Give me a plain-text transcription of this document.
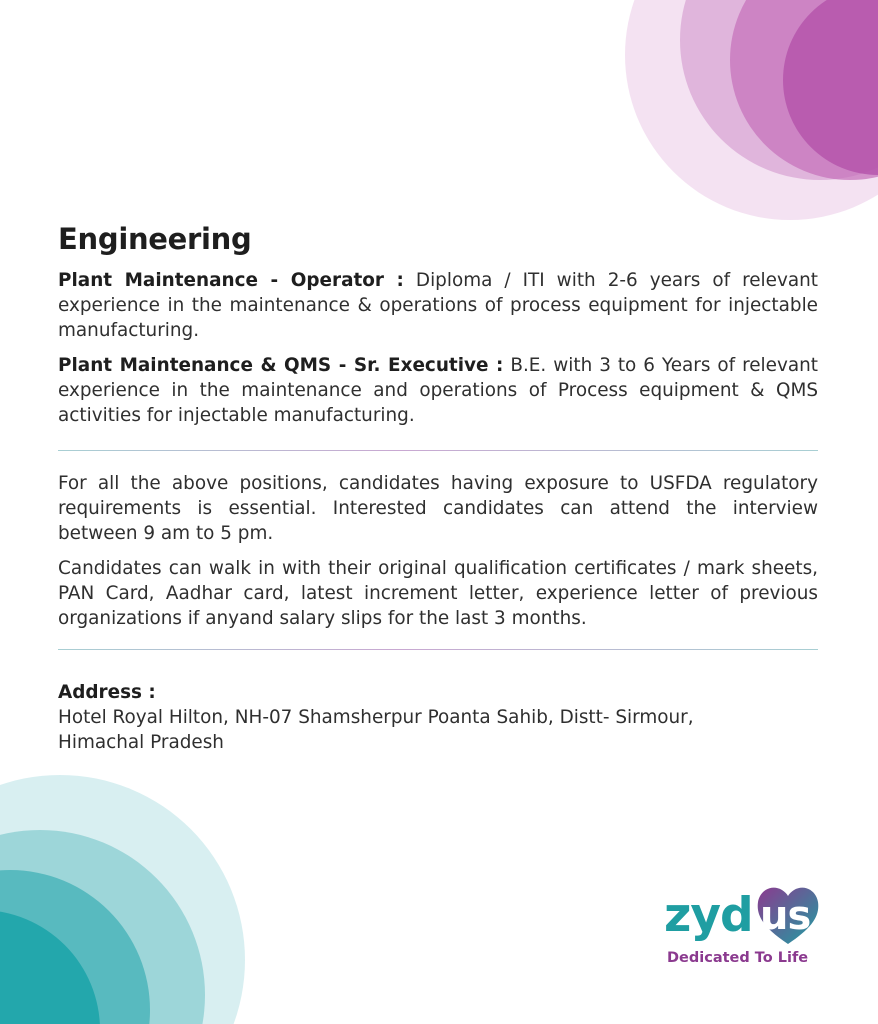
Engineering

Plant Maintenance - Operator : Diploma / ITI with 2-6 years of relevant experience in the maintenance & operations of process equipment for injectable manufacturing.

Plant Maintenance & QMS - Sr. Executive : B.E. with 3 to 6 Years of relevant experience in the maintenance and operations of Process equipment & QMS activities for injectable manufacturing.

For all the above positions, candidates having exposure to USFDA regulatory requirements is essential. Interested candidates can attend the interview between 9 am to 5 pm.

Candidates can walk in with their original qualification certificates / mark sheets, PAN Card, Aadhar card, latest increment letter, experience letter of previous organizations if anyand salary slips for the last 3 months.

Address :
Hotel Royal Hilton, NH-07 Shamsherpur Poanta Sahib, Distt- Sirmour,
Himachal Pradesh
zyd us
Dedicated To Life
